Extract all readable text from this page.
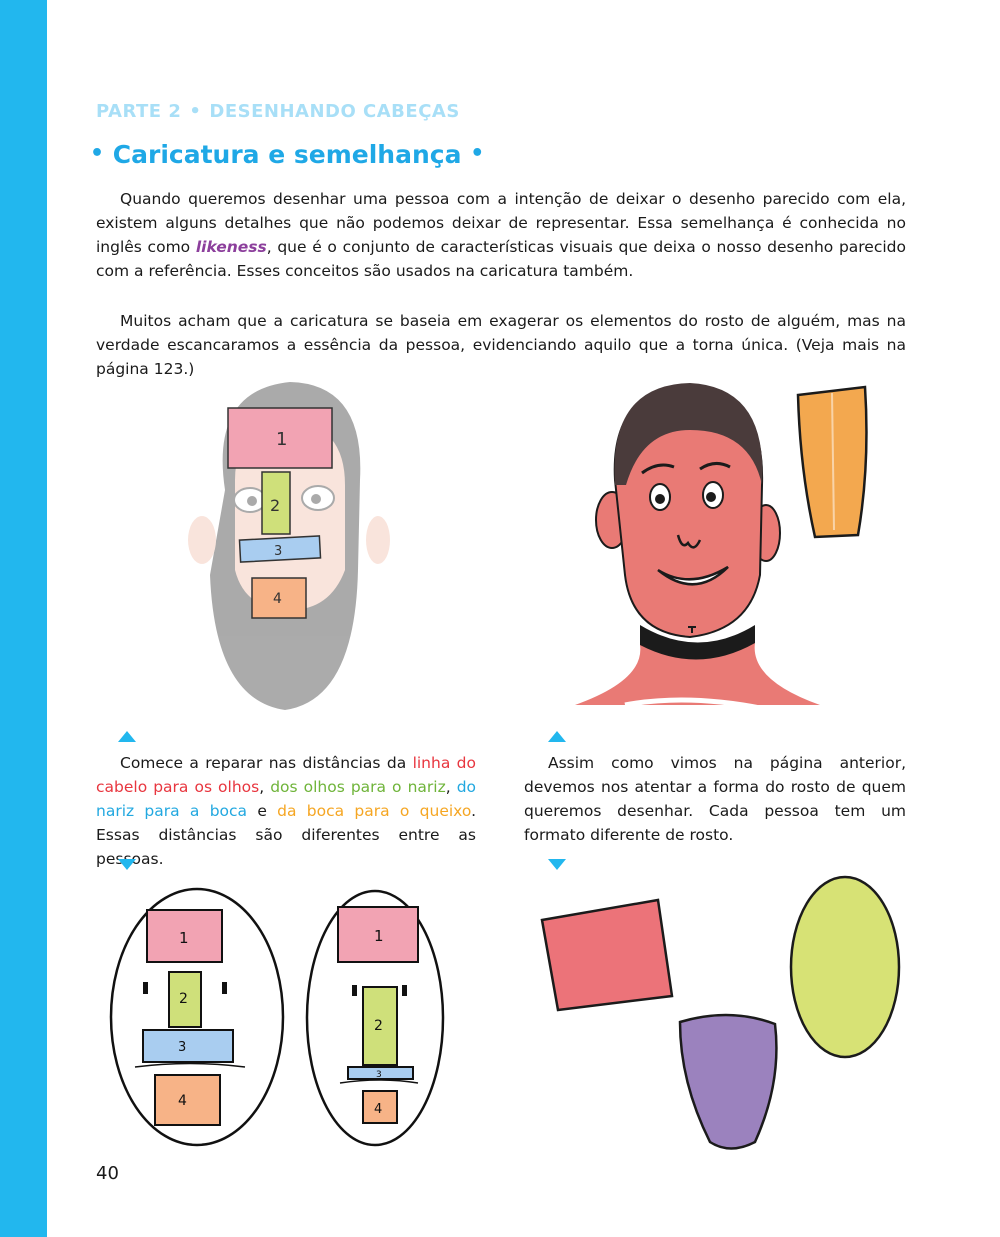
PARTE 2 • DESENHANDO CABEÇAS
• Caricatura e semelhança •
Quando queremos desenhar uma pessoa com a intenção de deixar o desenho parecido com ela, existem alguns detalhes que não podemos deixar de representar. Essa semelhança é conhecida no inglês como likeness, que é o conjunto de características visuais que deixa o nosso desenho parecido com a referência. Esses conceitos são usados na caricatura também.
Muitos acham que a caricatura se baseia em exagerar os elementos do rosto de alguém, mas na verdade escancaramos a essência da pessoa, evidenciando aquilo que a torna única. (Veja mais na página 123.)
1
2
3
4
Comece a reparar nas distâncias da linha do cabelo para os olhos, dos olhos para o nariz, do nariz para a boca e da boca para o queixo. Essas distâncias são diferentes entre as pessoas.
Assim como vimos na página anterior, devemos nos atentar a forma do rosto de quem queremos desenhar. Cada pessoa tem um formato diferente de rosto.
1
2
3
4
1
2
3
4
40
